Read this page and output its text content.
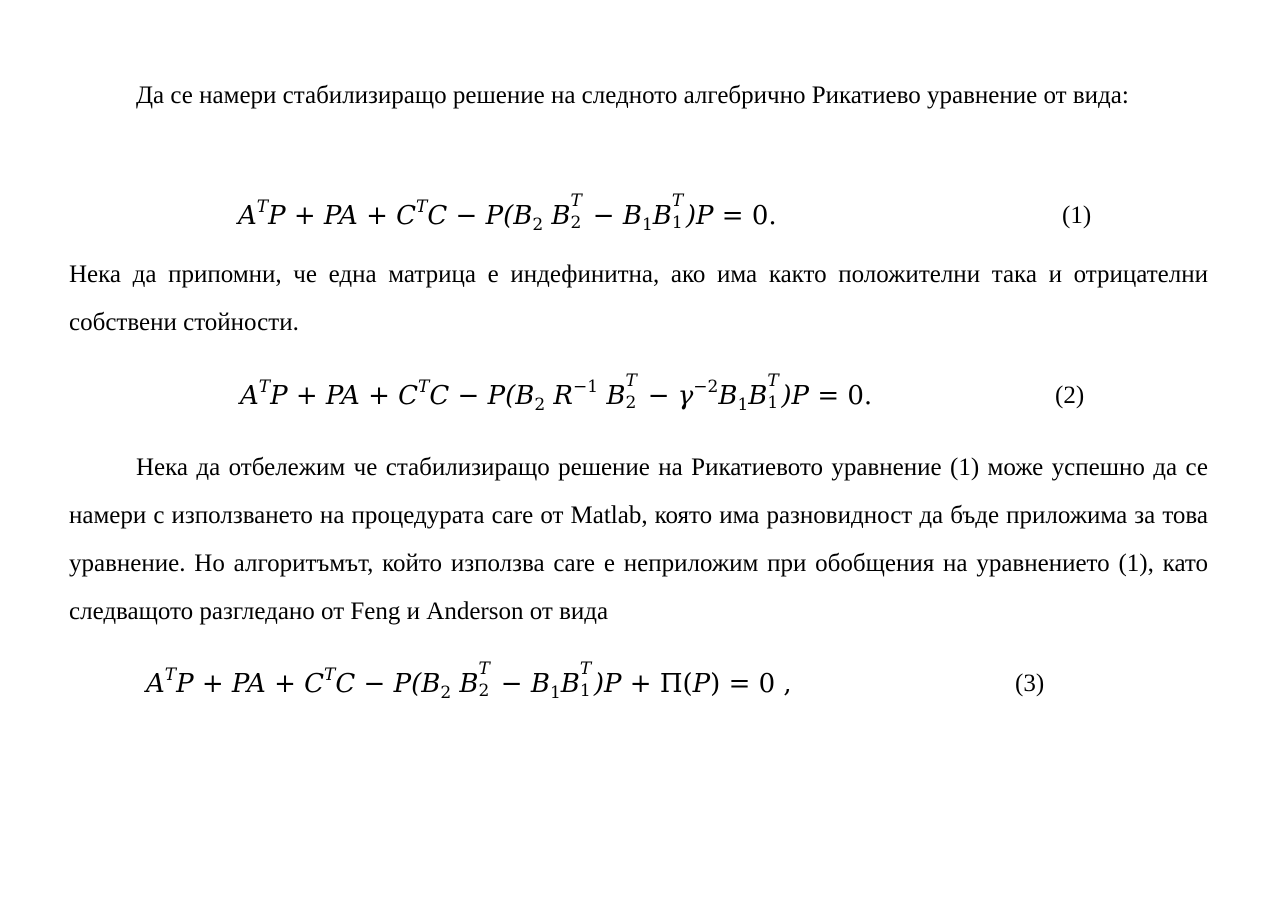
Да се намери стабилизиращо решение на следното алгебрично Рикатиево уравнение от вида:
$A^TP$ + PA + $C^TC - P(B_2$ B T
$2 - B_1B$ T
1 )P = 0.	(1)
Нека да припомни, че една матрица е индефинитна, ако има както положителни така и отрицателни собствени стойности.
$A^TP$ + PA + $C^TC - P(B_2$ $R^{-1}$ B T
$2 - \gamma^{-2}B_1B$ T
1 )P = 0.	(2)
Нека да отбележим че стабилизиращо решение на Рикатиевото уравнение (1) може успешно да се намери с използването на процедурата care от Matlab, която има разновидност да бъде приложима за това уравнение. Но алгоритъмът, който използва care е неприложим при обобщения на уравнението (1), като следващото разгледано от Feng и Anderson от вида
$A^TP$ + PA + $C^TC - P(B_2$ B T
$2 - B_1B$ T
1 )P + Π(P) = 0 ,	(3)
